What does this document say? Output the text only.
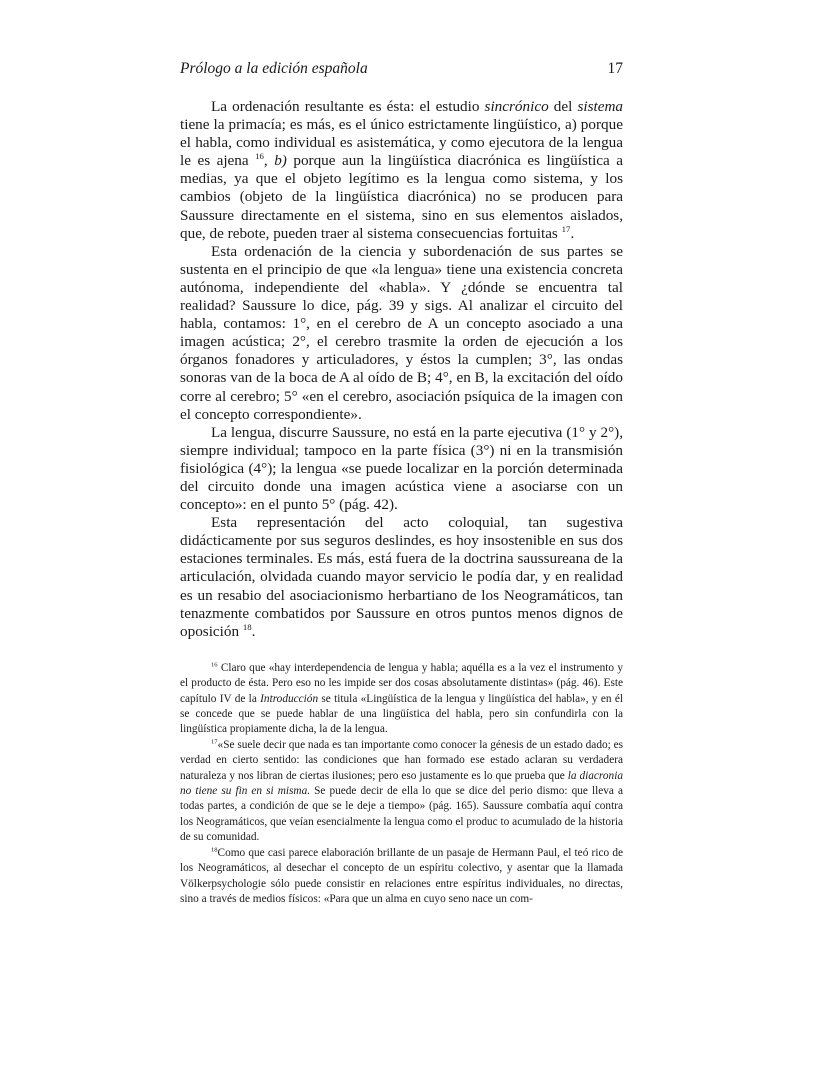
Prólogo a la edición española	17

La ordenación resultante es ésta: el estudio sincrónico del sistema tiene la primacía; es más, es el único estrictamente lingüístico, a) porque el habla, como individual es asistemática, y como ejecutora de la lengua le es ajena $^{16}$, b) porque aun la lingüística diacrónica es lingüística a medias, ya que el objeto legítimo es la lengua como sistema, y los cambios (objeto de la lingüística diacrónica) no se producen para Saussure directamente en el sistema, sino en sus elementos aislados, que, de rebote, pueden traer al sistema consecuencias fortuitas $^{17}$.

Esta ordenación de la ciencia y subordenación de sus partes se sustenta en el principio de que «la lengua» tiene una existencia concreta autónoma, independiente del «habla». Y ¿dónde se encuentra tal realidad? Saussure lo dice, pág. 39 y sigs. Al analizar el circuito del habla, contamos: 1°, en el cerebro de A un concepto asociado a una imagen acústica; 2°, el cerebro trasmite la orden de ejecución a los órganos fonadores y articuladores, y éstos la cumplen; 3°, las ondas sonoras van de la boca de A al oído de B; 4°, en B, la excitación del oído corre al cerebro; 5° «en el cerebro, asociación psíquica de la imagen con el concepto correspondiente».

La lengua, discurre Saussure, no está en la parte ejecutiva (1° y 2°), siempre individual; tampoco en la parte física (3°) ni en la transmisión fisiológica (4°); la lengua «se puede localizar en la porción determinada del circuito donde una imagen acústica viene a asociarse con un concepto»: en el punto 5° (pág. 42).

Esta representación del acto coloquial, tan sugestiva didácticamente por sus seguros deslindes, es hoy insostenible en sus dos estaciones terminales. Es más, está fuera de la doctrina saussureana de la articulación, olvidada cuando mayor servicio le podía dar, y en realidad es un resabio del asociacionismo herbartiano de los Neogramáticos, tan tenazmente combatidos por Saussure en otros puntos menos dignos de oposición $^{18}$.

$^{16}$ Claro que «hay interdependencia de lengua y habla; aquélla es a la vez el instrumento y el producto de ésta. Pero eso no les impide ser dos cosas absolutamente distintas» (pág. 46). Este capítulo IV de la Introducción se titula «Lingüística de la lengua y lingüística del habla», y en él se concede que se puede hablar de una lingüística del habla, pero sin confundirla con la lingüística propiamente dicha, la de la lengua.

$^{17}$«Se suele decir que nada es tan importante como conocer la génesis de un estado dado; es verdad en cierto sentido: las condiciones que han formado ese estado aclaran su verdadera naturaleza y nos libran de ciertas ilusiones; pero eso justamente es lo que prueba que la diacronia no tiene su fin en si misma. Se puede decir de ella lo que se dice del perio dismo: que lleva a todas partes, a condición de que se le deje a tiempo» (pág. 165). Saussure combatía aquí contra los Neogramáticos, que veían esencialmente la lengua como el produc to acumulado de la historia de su comunidad.

$^{18}$Como que casi parece elaboración brillante de un pasaje de Hermann Paul, el teó rico de los Neogramáticos, al desechar el concepto de un espíritu colectivo, y asentar que la llamada Völkerpsychologie sólo puede consistir en relaciones entre espíritus individuales, no directas, sino a través de medios físicos: «Para que un alma en cuyo seno nace un com-
